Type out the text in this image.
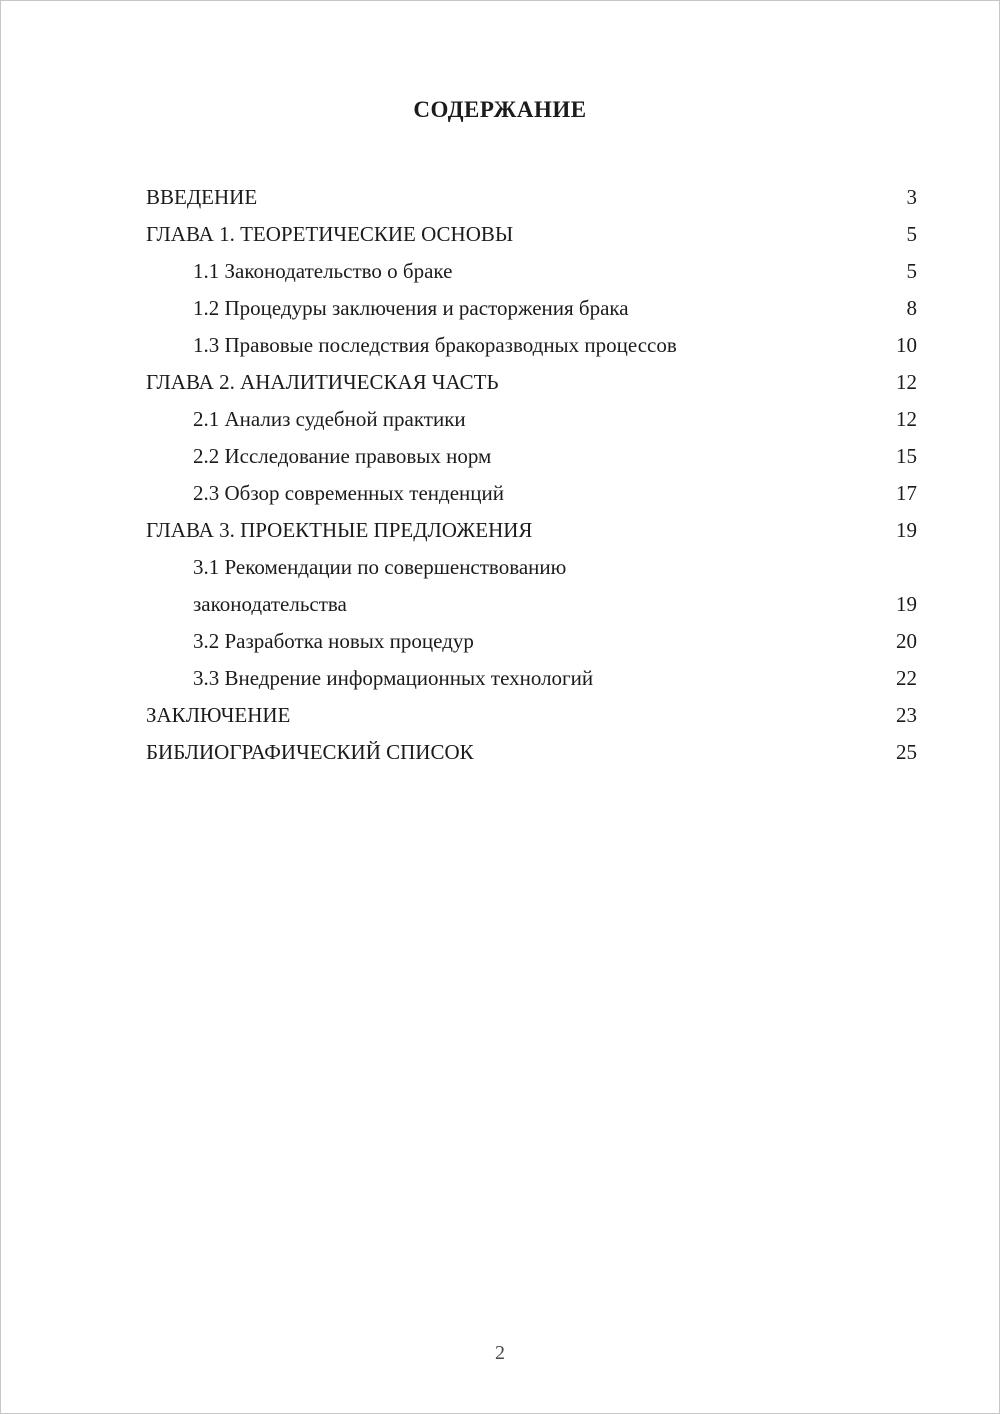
СОДЕРЖАНИЕ
ВВЕДЕНИЕ	3
ГЛАВА 1. ТЕОРЕТИЧЕСКИЕ ОСНОВЫ	5
1.1 Законодательство о браке	5
1.2 Процедуры заключения и расторжения брака	8
1.3 Правовые последствия бракоразводных процессов	10
ГЛАВА 2. АНАЛИТИЧЕСКАЯ ЧАСТЬ	12
2.1 Анализ судебной практики	12
2.2 Исследование правовых норм	15
2.3 Обзор современных тенденций	17
ГЛАВА 3. ПРОЕКТНЫЕ ПРЕДЛОЖЕНИЯ	19
3.1 Рекомендации по совершенствованию законодательства	19
3.2 Разработка новых процедур	20
3.3 Внедрение информационных технологий	22
ЗАКЛЮЧЕНИЕ	23
БИБЛИОГРАФИЧЕСКИЙ СПИСОК	25
2
